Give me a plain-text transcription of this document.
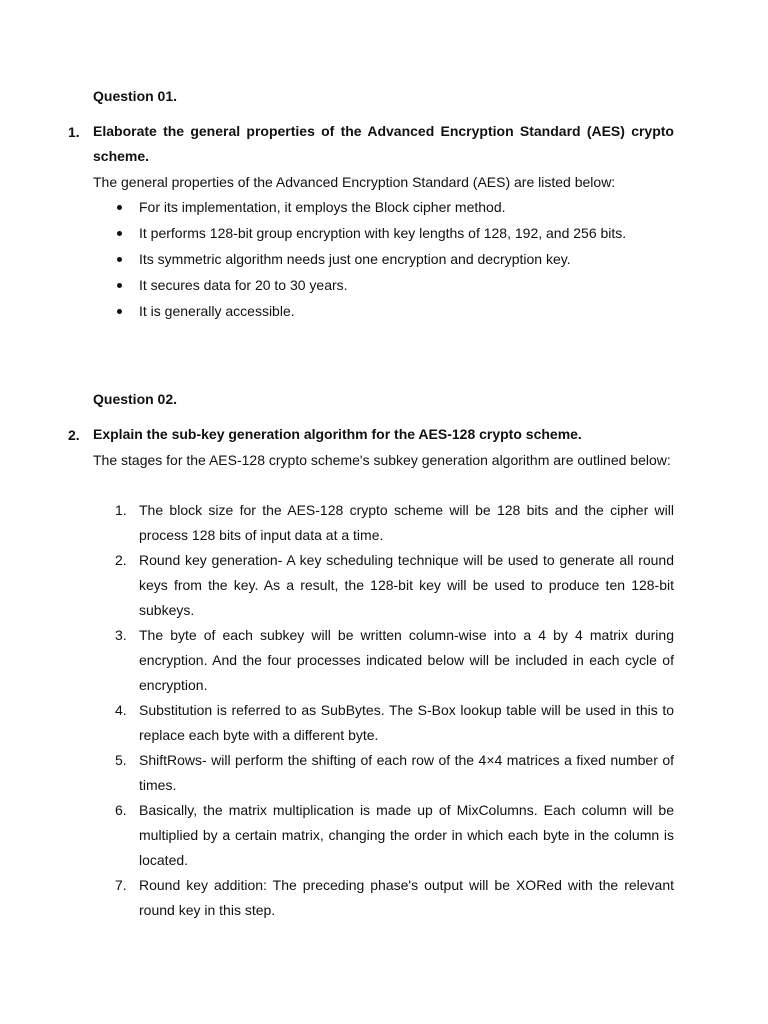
Question 01.
1. Elaborate the general properties of the Advanced Encryption Standard (AES) crypto scheme.
The general properties of the Advanced Encryption Standard (AES) are listed below:
For its implementation, it employs the Block cipher method.
It performs 128-bit group encryption with key lengths of 128, 192, and 256 bits.
Its symmetric algorithm needs just one encryption and decryption key.
It secures data for 20 to 30 years.
It is generally accessible.
Question 02.
2. Explain the sub-key generation algorithm for the AES-128 crypto scheme.
The stages for the AES-128 crypto scheme's subkey generation algorithm are outlined below:
1. The block size for the AES-128 crypto scheme will be 128 bits and the cipher will process 128 bits of input data at a time.
2. Round key generation- A key scheduling technique will be used to generate all round keys from the key. As a result, the 128-bit key will be used to produce ten 128-bit subkeys.
3. The byte of each subkey will be written column-wise into a 4 by 4 matrix during encryption. And the four processes indicated below will be included in each cycle of encryption.
4. Substitution is referred to as SubBytes. The S-Box lookup table will be used in this to replace each byte with a different byte.
5. ShiftRows- will perform the shifting of each row of the 4×4 matrices a fixed number of times.
6. Basically, the matrix multiplication is made up of MixColumns. Each column will be multiplied by a certain matrix, changing the order in which each byte in the column is located.
7. Round key addition: The preceding phase's output will be XORed with the relevant round key in this step.
